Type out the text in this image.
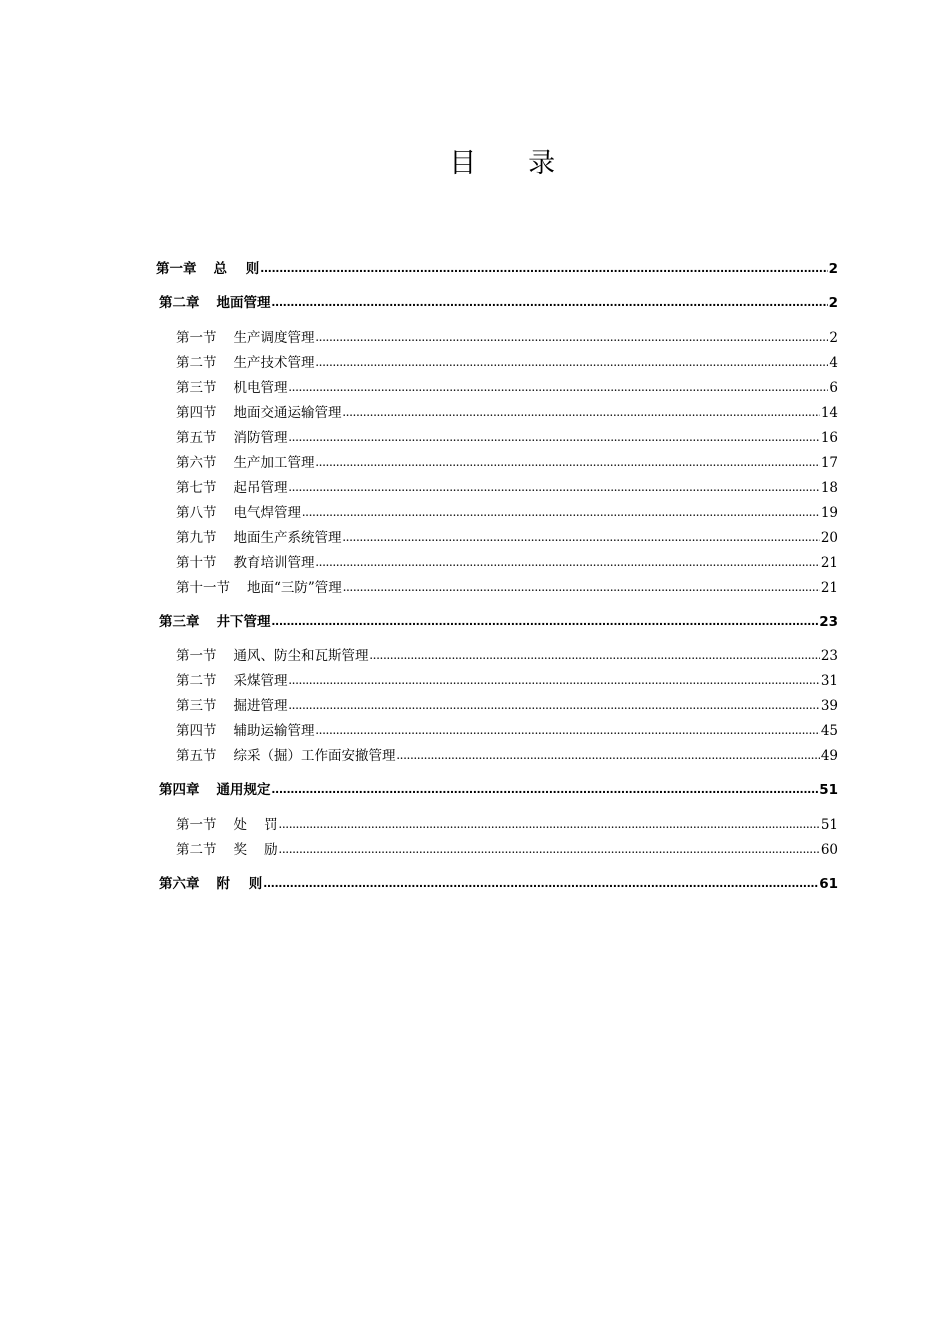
目 录
第一章 总    则 .....	2
第二章 地面管理 .....	2
第一节 生产调度管理 .....	2
第二节 生产技术管理 .....	4
第三节 机电管理 .....	6
第四节 地面交通运输管理 .....	14
第五节 消防管理 .....	16
第六节 生产加工管理 .....	17
第七节 起吊管理 .....	18
第八节 电气焊管理 .....	19
第九节 地面生产系统管理 .....	20
第十节 教育培训管理 .....	21
第十一节 地面“三防”管理 .....	21
第三章 井下管理 .....	23
第一节 通风、防尘和瓦斯管理 .....	23
第二节 采煤管理 .....	31
第三节 掘进管理 .....	39
第四节 辅助运输管理 .....	45
第五节 综采（掘）工作面安撤管理 .....	49
第四章 通用规定 .....	51
第一节 处    罚 .....	51
第二节 奖    励 .....	60
第六章 附    则 .....	61
